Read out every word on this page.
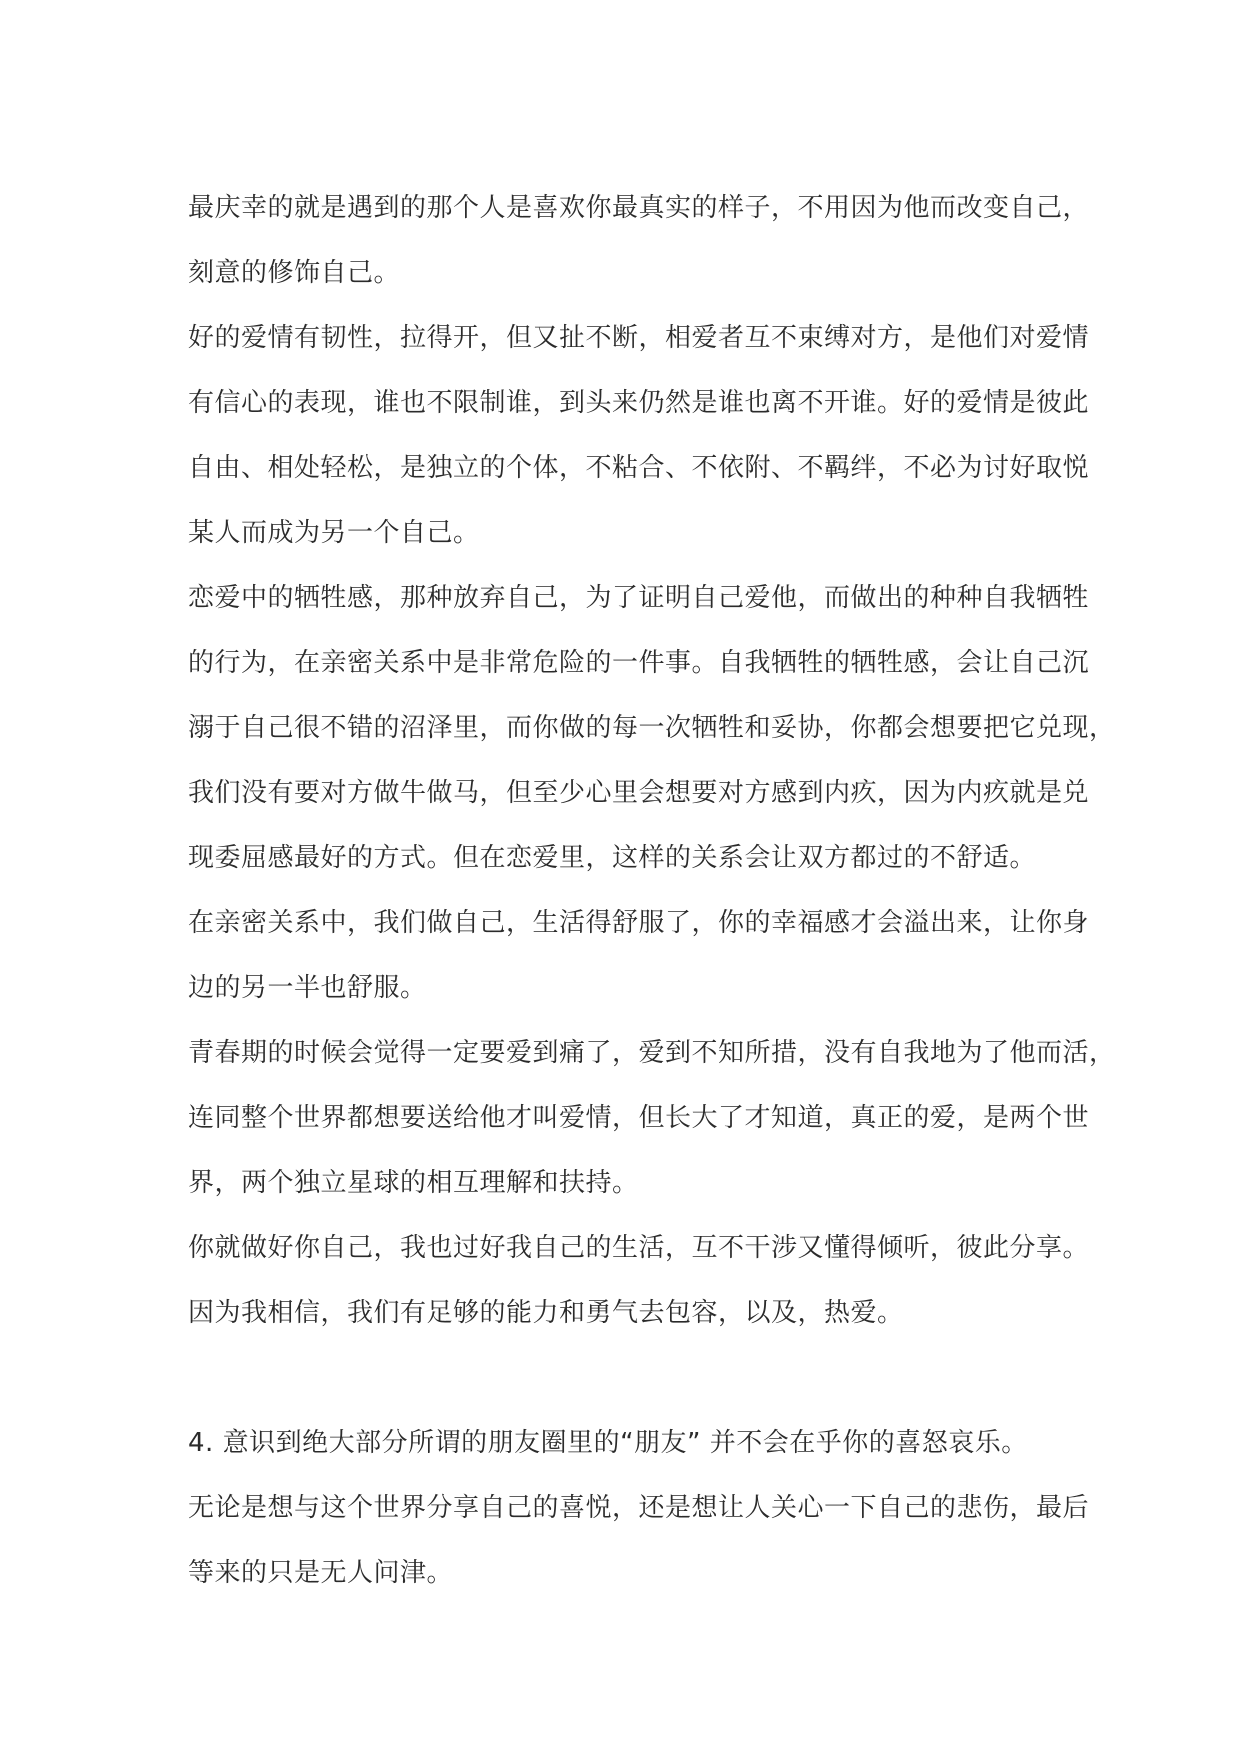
最庆幸的就是遇到的那个人是喜欢你最真实的样子，不用因为他而改变自己，
刻意的修饰自己。
好的爱情有韧性，拉得开，但又扯不断，相爱者互不束缚对方，是他们对爱情
有信心的表现，谁也不限制谁，到头来仍然是谁也离不开谁。好的爱情是彼此
自由、相处轻松，是独立的个体，不粘合、不依附、不羁绊，不必为讨好取悦
某人而成为另一个自己。
恋爱中的牺牲感，那种放弃自己，为了证明自己爱他，而做出的种种自我牺牲
的行为，在亲密关系中是非常危险的一件事。自我牺牲的牺牲感，会让自己沉
溺于自己很不错的沼泽里，而你做的每一次牺牲和妥协，你都会想要把它兑现，
我们没有要对方做牛做马，但至少心里会想要对方感到内疚，因为内疚就是兑
现委屈感最好的方式。但在恋爱里，这样的关系会让双方都过的不舒适。
在亲密关系中，我们做自己，生活得舒服了，你的幸福感才会溢出来，让你身
边的另一半也舒服。
青春期的时候会觉得一定要爱到痛了，爱到不知所措，没有自我地为了他而活，
连同整个世界都想要送给他才叫爱情，但长大了才知道，真正的爱，是两个世
界，两个独立星球的相互理解和扶持。
你就做好你自己，我也过好我自己的生活，互不干涉又懂得倾听，彼此分享。
因为我相信，我们有足够的能力和勇气去包容，以及，热爱。
4. 意识到绝大部分所谓的朋友圈里的“朋友” 并不会在乎你的喜怒哀乐。
无论是想与这个世界分享自己的喜悦，还是想让人关心一下自己的悲伤，最后
等来的只是无人问津。
